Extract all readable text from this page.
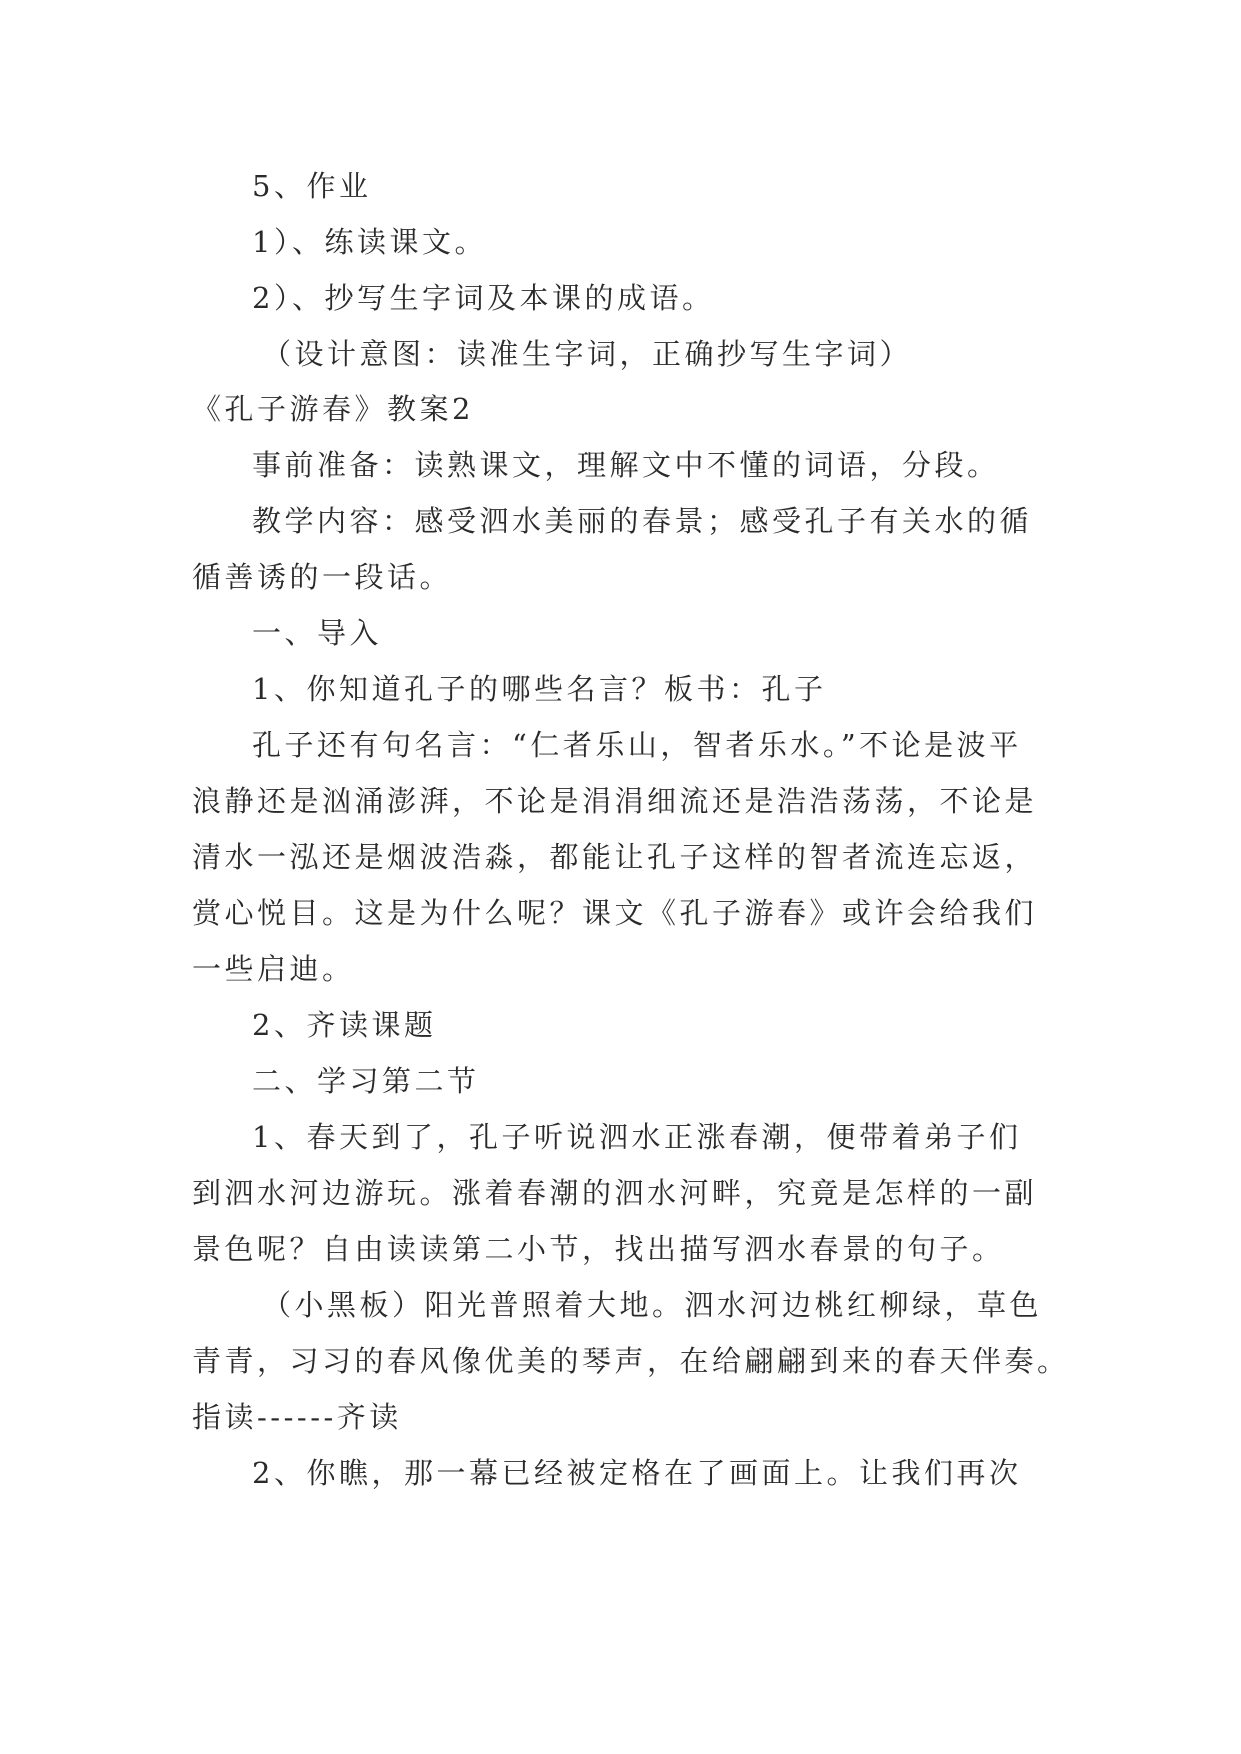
5、作业
1）、练读课文。
2）、抄写生字词及本课的成语。
（设计意图：读准生字词，正确抄写生字词）
《孔子游春》教案2
事前准备：读熟课文，理解文中不懂的词语，分段。
教学内容：感受泗水美丽的春景；感受孔子有关水的循
循善诱的一段话。
一、导入
1、你知道孔子的哪些名言？板书：孔子
孔子还有句名言：“仁者乐山，智者乐水。”不论是波平
浪静还是汹涌澎湃，不论是涓涓细流还是浩浩荡荡，不论是
清水一泓还是烟波浩淼，都能让孔子这样的智者流连忘返，
赏心悦目。这是为什么呢？课文《孔子游春》或许会给我们
一些启迪。
2、齐读课题
二、学习第二节
1、春天到了，孔子听说泗水正涨春潮，便带着弟子们
到泗水河边游玩。涨着春潮的泗水河畔，究竟是怎样的一副
景色呢？自由读读第二小节，找出描写泗水春景的句子。
（小黑板）阳光普照着大地。泗水河边桃红柳绿，草色
青青，习习的春风像优美的琴声，在给翩翩到来的春天伴奏。
指读------齐读
2、你瞧，那一幕已经被定格在了画面上。让我们再次
